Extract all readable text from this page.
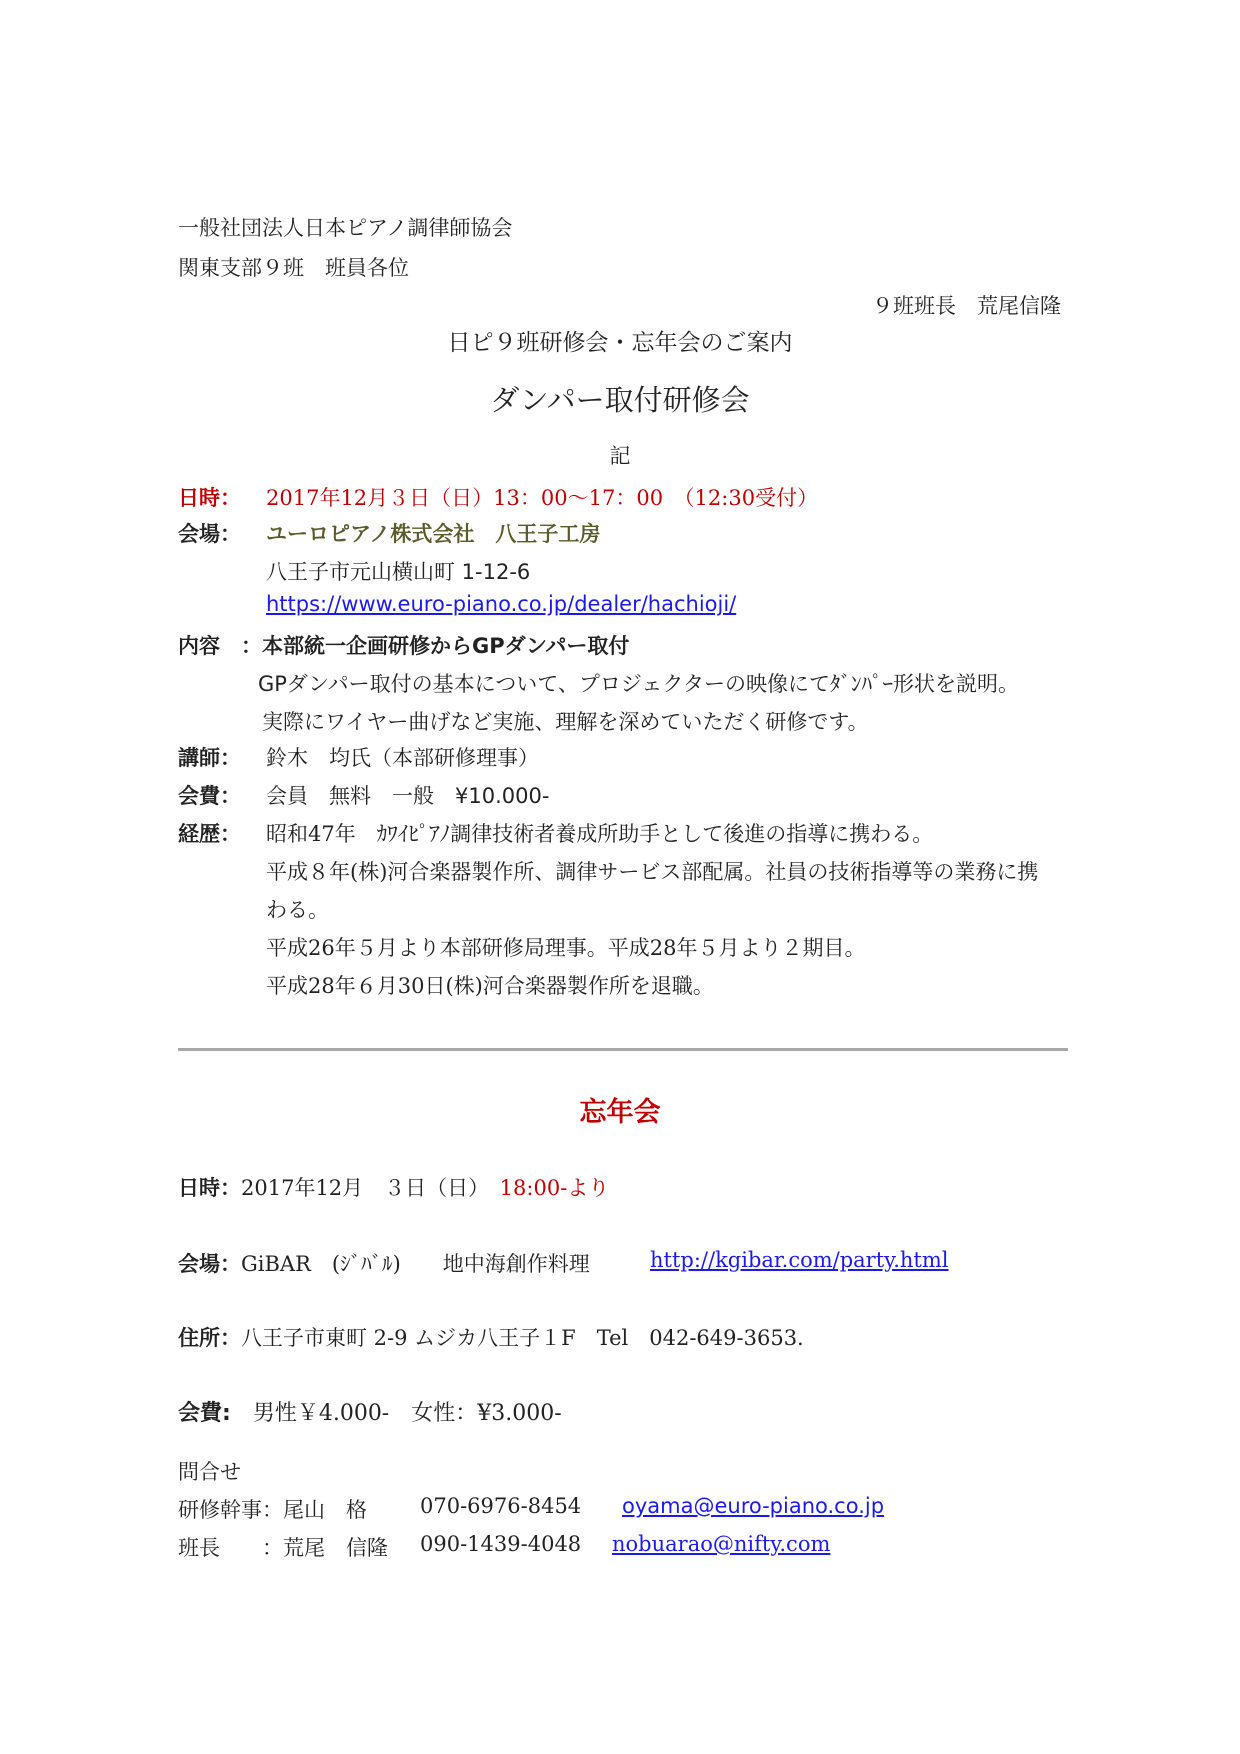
一般社団法人日本ピアノ調律師協会
関東支部９班　班員各位
９班班長　荒尾信隆
日ピ９班研修会・忘年会のご案内
ダンパー取付研修会
記
日時： 2017年12月３日（日）13：00〜17：00　（12:30受付）
会場： ユーロピアノ株式会社　八王子工房
八王子市元山横山町 1-12-6
https://www.euro-piano.co.jp/dealer/hachioji/
内容　： 本部統一企画研修からGPダンパー取付
GPダンパー取付の基本について、プロジェクターの映像にてﾀﾞﾝﾊﾟｰ形状を説明。
実際にワイヤー曲げなど実施、理解を深めていただく研修です。
講師： 鈴木　均氏（本部研修理事）
会費： 会員　無料　一般　¥10.000-
経歴： 昭和47年　ｶﾜｲﾋﾟｱﾉ調律技術者養成所助手として後進の指導に携わる。
平成８年(株)河合楽器製作所、調律サービス部配属。社員の技術指導等の業務に携
わる。
平成26年５月より本部研修局理事。平成28年５月より２期目。
平成28年６月30日(株)河合楽器製作所を退職。
忘年会
日時：2017年12月　３日（日）　 18:00-より
会場：GiBAR　(ｼﾞﾊﾞﾙ)　　地中海創作料理	http://kgibar.com/party.html
住所：八王子市東町 2-9 ムジカ八王子１F　Tel　042-649-3653.
会費:　 男性￥4.000-　女性：¥3.000-
問合せ
研修幹事：尾山　格	070-6976-8454 oyama@euro-piano.co.jp
班長　　：荒尾　信隆 090-1439-4048 nobuarao@nifty.com
